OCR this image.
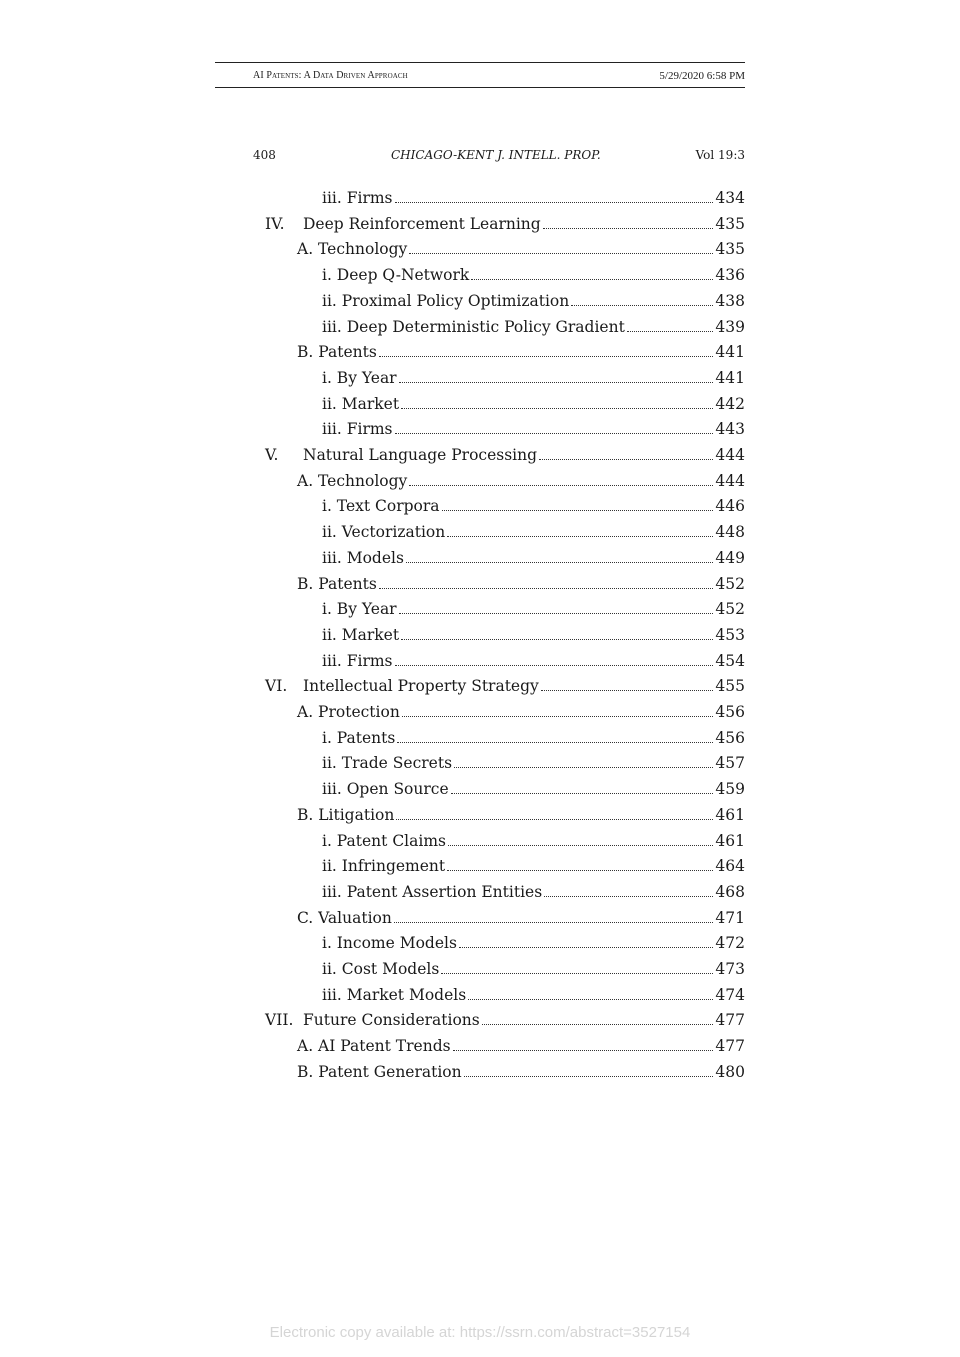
AI Patents: A Data Driven Approach	5/29/2020 6:58 PM
408	CHICAGO-KENT J. INTELL. PROP.	Vol 19:3
iii. Firms	434
IV.	Deep Reinforcement Learning	435
A. Technology	435
i. Deep Q-Network	436
ii. Proximal Policy Optimization	438
iii. Deep Deterministic Policy Gradient	439
B. Patents	441
i. By Year	441
ii. Market	442
iii. Firms	443
V.	Natural Language Processing	444
A. Technology	444
i. Text Corpora	446
ii. Vectorization	448
iii. Models	449
B. Patents	452
i. By Year	452
ii. Market	453
iii. Firms	454
VI.	Intellectual Property Strategy	455
A. Protection	456
i. Patents	456
ii. Trade Secrets	457
iii. Open Source	459
B. Litigation	461
i. Patent Claims	461
ii. Infringement	464
iii. Patent Assertion Entities	468
C. Valuation	471
i. Income Models	472
ii. Cost Models	473
iii. Market Models	474
VII. Future Considerations	477
A. AI Patent Trends	477
B. Patent Generation	480
Electronic copy available at: https://ssrn.com/abstract=3527154
